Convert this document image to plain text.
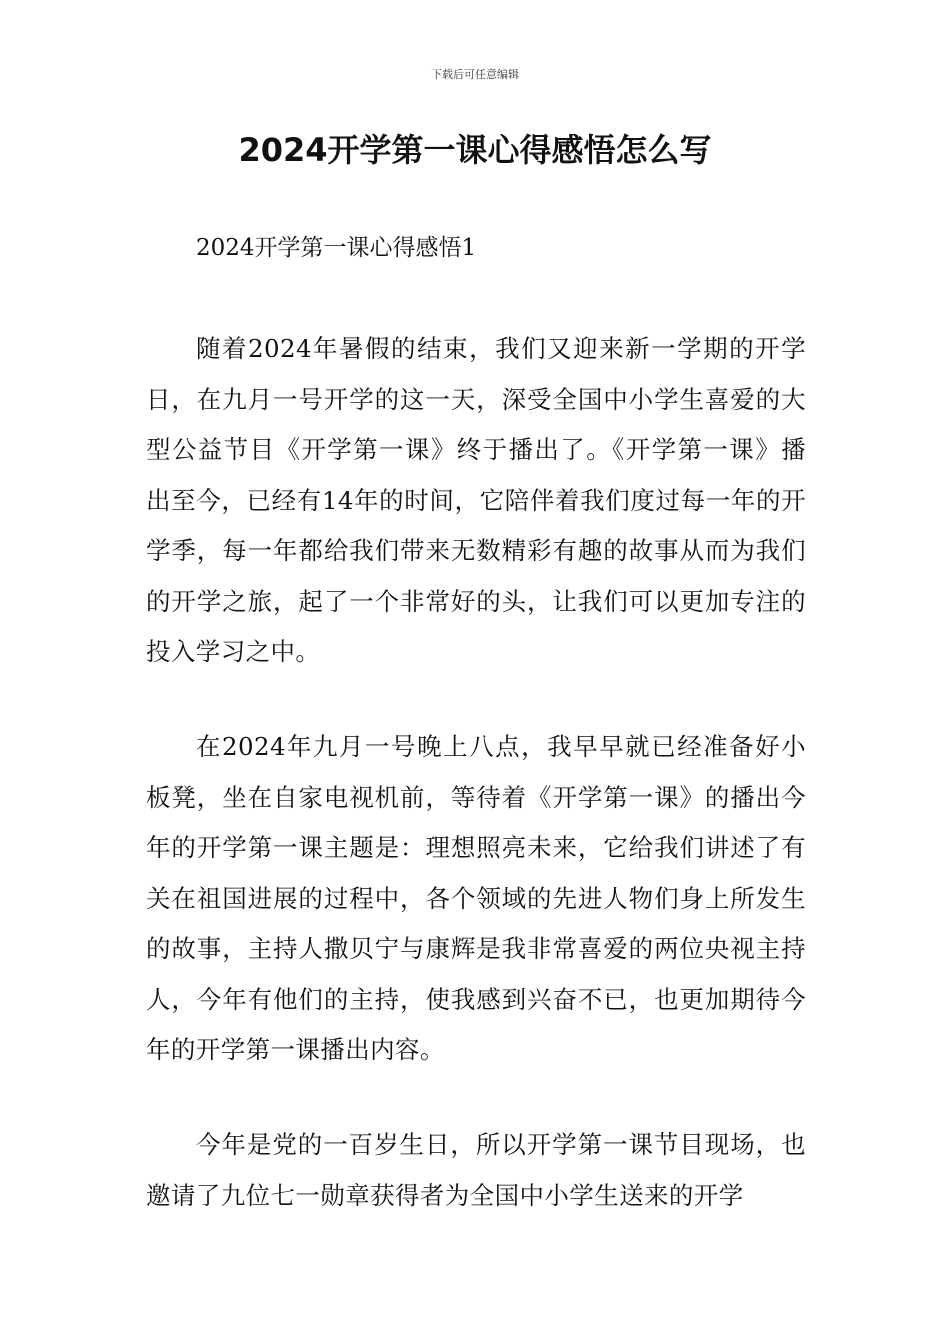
下载后可任意编辑
2024开学第一课心得感悟怎么写
2024开学第一课心得感悟1

随着2024年暑假的结束，我们又迎来新一学期的开学日，在九月一号开学的这一天，深受全国中小学生喜爱的大型公益节目《开学第一课》终于播出了。《开学第一课》播出至今，已经有14年的时间，它陪伴着我们度过每一年的开学季，每一年都给我们带来无数精彩有趣的故事从而为我们的开学之旅，起了一个非常好的头，让我们可以更加专注的投入学习之中。

在2024年九月一号晚上八点，我早早就已经准备好小板凳，坐在自家电视机前，等待着《开学第一课》的播出今年的开学第一课主题是：理想照亮未来，它给我们讲述了有关在祖国进展的过程中，各个领域的先进人物们身上所发生的故事，主持人撒贝宁与康辉是我非常喜爱的两位央视主持人，今年有他们的主持，使我感到兴奋不已，也更加期待今年的开学第一课播出内容。

今年是党的一百岁生日，所以开学第一课节目现场，也邀请了九位七一勋章获得者为全国中小学生送来的开学
